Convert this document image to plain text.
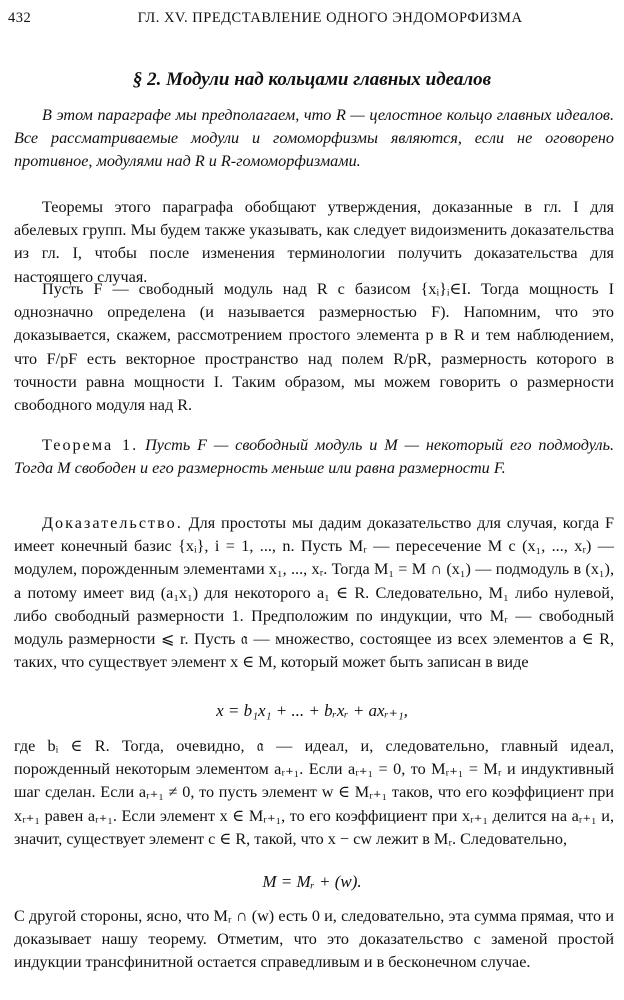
432	ГЛ. XV. ПРЕДСТАВЛЕНИЕ ОДНОГО ЭНДОМОРФИЗМА
§ 2. Модули над кольцами главных идеалов
В этом параграфе мы предполагаем, что R — целостное кольцо главных идеалов. Все рассматриваемые модули и гомоморфизмы являются, если не оговорено противное, модулями над R и R-гомоморфизмами.
Теоремы этого параграфа обобщают утверждения, доказанные в гл. I для абелевых групп. Мы будем также указывать, как следует видоизменить доказательства из гл. I, чтобы после изменения терминологии получить доказательства для настоящего случая.
Пусть F — свободный модуль над R с базисом {xᵢ}ᵢ∈I. Тогда мощность I однозначно определена (и называется размерностью F). Напомним, что это доказывается, скажем, рассмотрением простого элемента p в R и тем наблюдением, что F/pF есть векторное пространство над полем R/pR, размерность которого в точности равна мощности I. Таким образом, мы можем говорить о размерности свободного модуля над R.
Теорема 1. Пусть F — свободный модуль и M — некоторый его подмодуль. Тогда M свободен и его размерность меньше или равна размерности F.
Доказательство. Для простоты мы дадим доказательство для случая, когда F имеет конечный базис {xᵢ}, i = 1, ..., n. Пусть Mᵣ — пересечение M с (x₁, ..., xᵣ) — модулем, порожденным элементами x₁, ..., xᵣ. Тогда M₁ = M ∩ (x₁) — подмодуль в (x₁), а потому имеет вид (a₁x₁) для некоторого a₁ ∈ R. Следовательно, M₁ либо нулевой, либо свободный размерности 1. Предположим по индукции, что Mᵣ — свободный модуль размерности ⩽ r. Пусть 𝔞 — множество, состоящее из всех элементов a ∈ R, таких, что существует элемент x ∈ M, который может быть записан в виде
x = b₁x₁ + ... + bᵣxᵣ + axᵣ₊₁,
где bᵢ ∈ R. Тогда, очевидно, 𝔞 — идеал, и, следовательно, главный идеал, порожденный некоторым элементом aᵣ₊₁. Если aᵣ₊₁ = 0, то Mᵣ₊₁ = Mᵣ и индуктивный шаг сделан. Если aᵣ₊₁ ≠ 0, то пусть элемент w ∈ Mᵣ₊₁ таков, что его коэффициент при xᵣ₊₁ равен aᵣ₊₁. Если элемент x ∈ Mᵣ₊₁, то его коэффициент при xᵣ₊₁ делится на aᵣ₊₁ и, значит, существует элемент c ∈ R, такой, что x − cw лежит в Mᵣ. Следовательно,
M = Mᵣ + (w).
С другой стороны, ясно, что Mᵣ ∩ (w) есть 0 и, следовательно, эта сумма прямая, что и доказывает нашу теорему. Отметим, что это доказательство с заменой простой индукции трансфинитной остается справедливым и в бесконечном случае.
